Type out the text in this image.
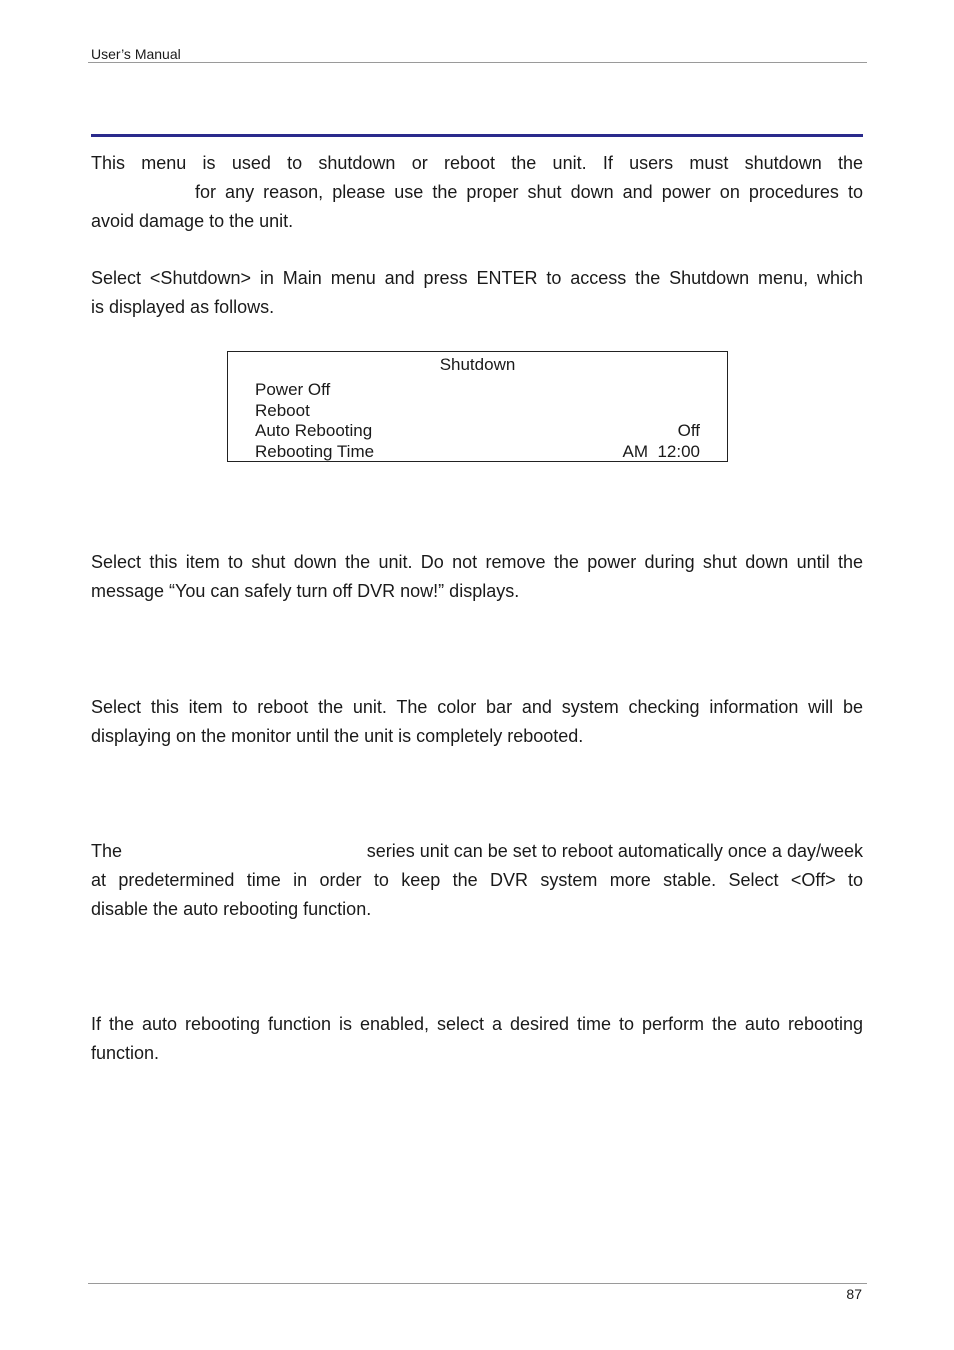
User’s Manual

This menu is used to shutdown or reboot the unit. If users must shutdown the
for any reason, please use the proper shut down and power on procedures to
avoid damage to the unit.

Select <Shutdown> in Main menu and press ENTER to access the Shutdown menu, which
is displayed as follows.

Shutdown
Power Off
Reboot
Auto Rebooting	Off
Rebooting Time	AM  12:00

Select this item to shut down the unit. Do not remove the power during shut down until the
message “You can safely turn off DVR now!” displays.

Select this item to reboot the unit. The color bar and system checking information will be
displaying on the monitor until the unit is completely rebooted.

The	series unit can be set to reboot automatically once a day/week
at predetermined time in order to keep the DVR system more stable. Select <Off> to
disable the auto rebooting function.

If the auto rebooting function is enabled, select a desired time to perform the auto rebooting
function.

87
